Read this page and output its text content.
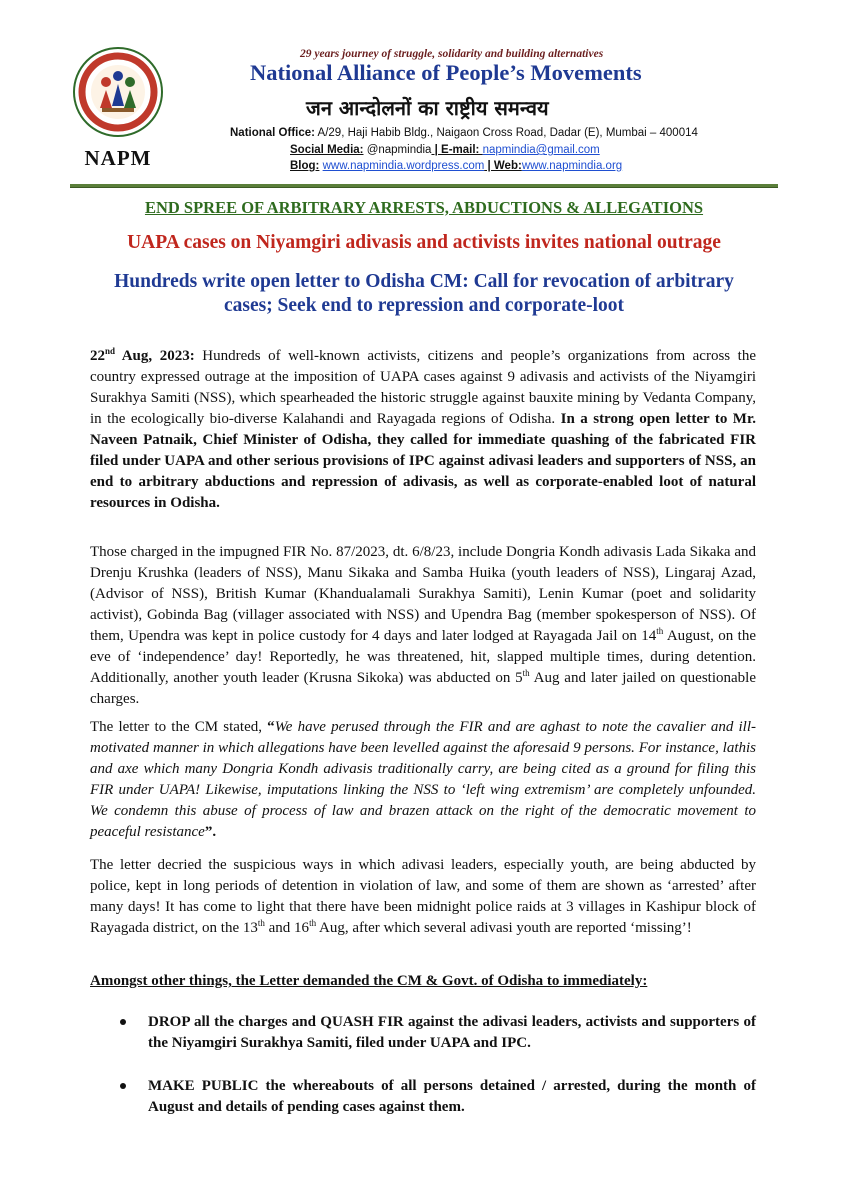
NAPM
29 years journey of struggle, solidarity and building alternatives
National Alliance of People’s Movements
जन आन्दोलनों का राष्ट्रीय समन्वय
National Office: A/29, Haji Habib Bldg., Naigaon Cross Road, Dadar (E), Mumbai – 400014
Social Media: @napmindia | E-mail: napmindia@gmail.com
Blog: www.napmindia.wordpress.com | Web:www.napmindia.org
END SPREE OF ARBITRARY ARRESTS, ABDUCTIONS & ALLEGATIONS
UAPA cases on Niyamgiri adivasis and activists invites national outrage
Hundreds write open letter to Odisha CM: Call for revocation of arbitrary cases; Seek end to repression and corporate-loot

22nd Aug, 2023: Hundreds of well-known activists, citizens and people’s organizations from across the country expressed outrage at the imposition of UAPA cases against 9 adivasis and activists of the Niyamgiri Surakhya Samiti (NSS), which spearheaded the historic struggle against bauxite mining by Vedanta Company, in the ecologically bio-diverse Kalahandi and Rayagada regions of Odisha. In a strong open letter to Mr. Naveen Patnaik, Chief Minister of Odisha, they called for immediate quashing of the fabricated FIR filed under UAPA and other serious provisions of IPC against adivasi leaders and supporters of NSS, an end to arbitrary abductions and repression of adivasis, as well as corporate-enabled loot of natural resources in Odisha.

Those charged in the impugned FIR No. 87/2023, dt. 6/8/23, include Dongria Kondh adivasis Lada Sikaka and Drenju Krushka (leaders of NSS), Manu Sikaka and Samba Huika (youth leaders of NSS), Lingaraj Azad, (Advisor of NSS), British Kumar (Khandualamali Surakhya Samiti), Lenin Kumar (poet and solidarity activist), Gobinda Bag (villager associated with NSS) and Upendra Bag (member spokesperson of NSS). Of them, Upendra was kept in police custody for 4 days and later lodged at Rayagada Jail on 14th August, on the eve of ‘independence’ day! Reportedly, he was threatened, hit, slapped multiple times, during detention. Additionally, another youth leader (Krusna Sikoka) was abducted on 5th Aug and later jailed on questionable charges.

The letter to the CM stated, “We have perused through the FIR and are aghast to note the cavalier and ill-motivated manner in which allegations have been levelled against the aforesaid 9 persons. For instance, lathis and axe which many Dongria Kondh adivasis traditionally carry, are being cited as a ground for filing this FIR under UAPA! Likewise, imputations linking the NSS to ‘left wing extremism’ are completely unfounded. We condemn this abuse of process of law and brazen attack on the right of the democratic movement to peaceful resistance”.

The letter decried the suspicious ways in which adivasi leaders, especially youth, are being abducted by police, kept in long periods of detention in violation of law, and some of them are shown as ‘arrested’ after many days! It has come to light that there have been midnight police raids at 3 villages in Kashipur block of Rayagada district, on the 13th and 16th Aug, after which several adivasi youth are reported ‘missing’!

Amongst other things, the Letter demanded the CM & Govt. of Odisha to immediately:
DROP all the charges and QUASH FIR against the adivasi leaders, activists and supporters of the Niyamgiri Surakhya Samiti, filed under UAPA and IPC.
MAKE PUBLIC the whereabouts of all persons detained / arrested, during the month of August and details of pending cases against them.
